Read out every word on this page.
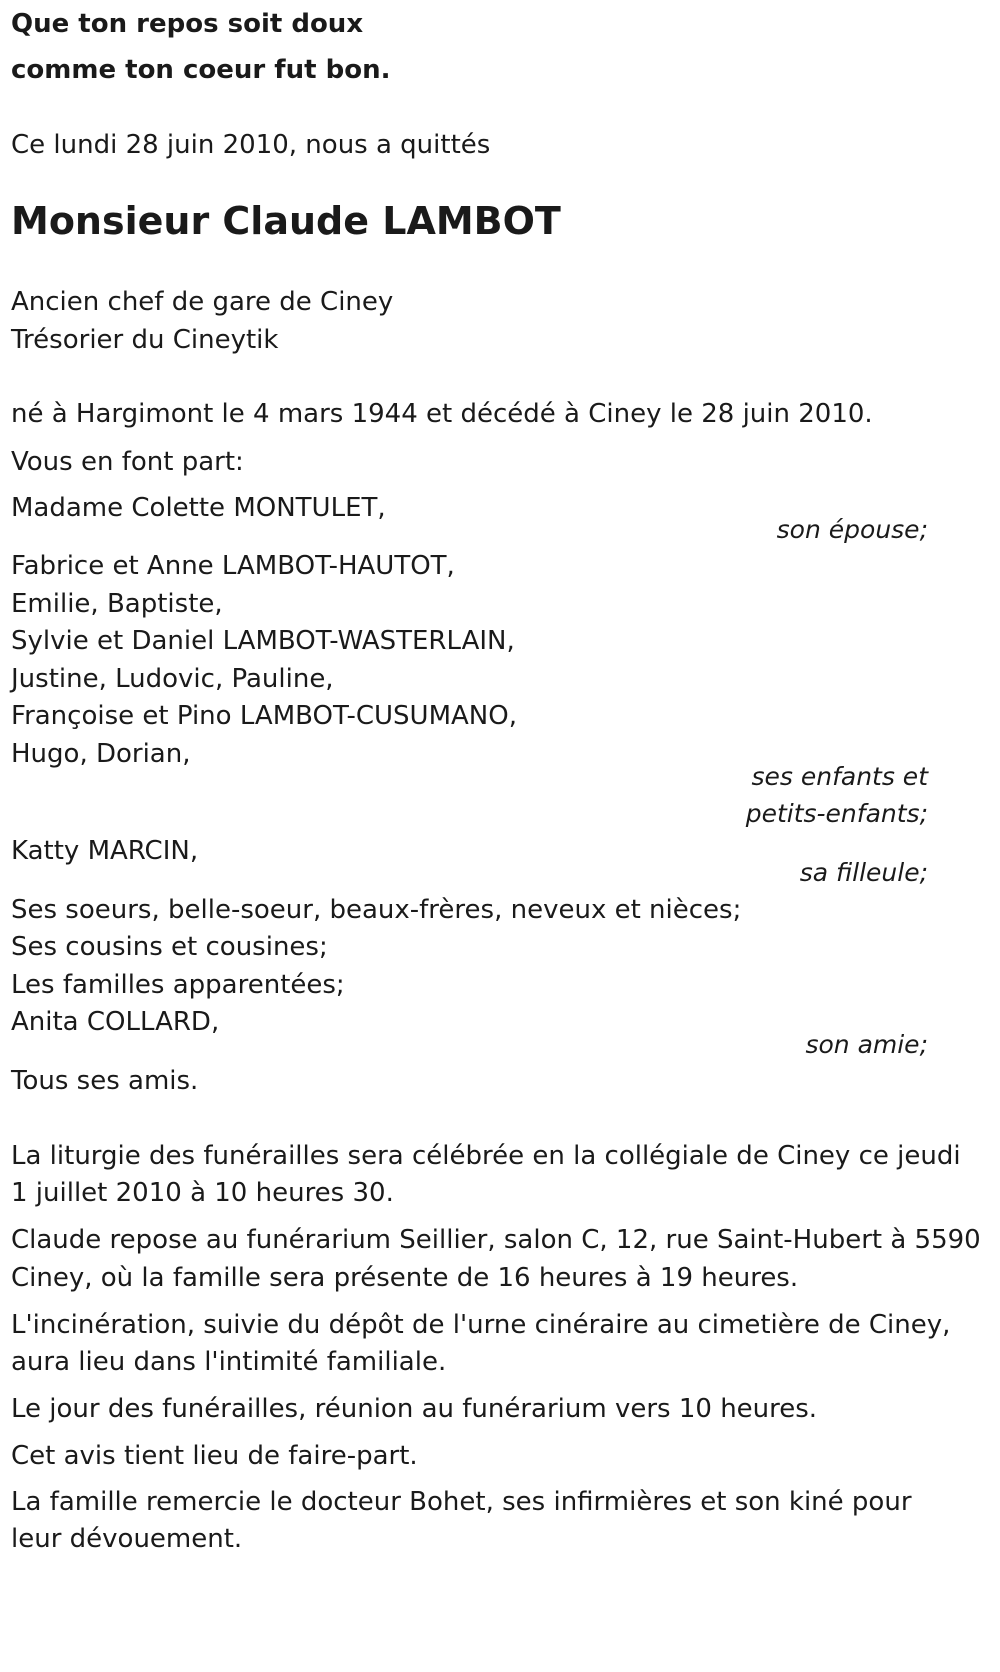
Que ton repos soit doux

comme ton coeur fut bon.

Ce lundi 28 juin 2010, nous a quittés

Monsieur Claude LAMBOT

Ancien chef de gare de Ciney

Trésorier du Cineytik

né à Hargimont le 4 mars 1944 et décédé à Ciney le 28 juin 2010.

Vous en font part:

Madame Colette MONTULET,

son épouse;

Fabrice et Anne LAMBOT-HAUTOT,

Emilie, Baptiste,

Sylvie et Daniel LAMBOT-WASTERLAIN,

Justine, Ludovic, Pauline,

Françoise et Pino LAMBOT-CUSUMANO,

Hugo, Dorian,

ses enfants et

petits-enfants;

Katty MARCIN,

sa filleule;

Ses soeurs, belle-soeur, beaux-frères, neveux et nièces;

Ses cousins et cousines;

Les familles apparentées;

Anita COLLARD,

son amie;

Tous ses amis.

La liturgie des funérailles sera célébrée en la collégiale de Ciney ce jeudi

1 juillet 2010 à 10 heures 30.

Claude repose au funérarium Seillier, salon C, 12, rue Saint-Hubert à 5590

Ciney, où la famille sera présente de 16 heures à 19 heures.

L'incinération, suivie du dépôt de l'urne cinéraire au cimetière de Ciney,

aura lieu dans l'intimité familiale.

Le jour des funérailles, réunion au funérarium vers 10 heures.

Cet avis tient lieu de faire-part.

La famille remercie le docteur Bohet, ses infirmières et son kiné pour

leur dévouement.
